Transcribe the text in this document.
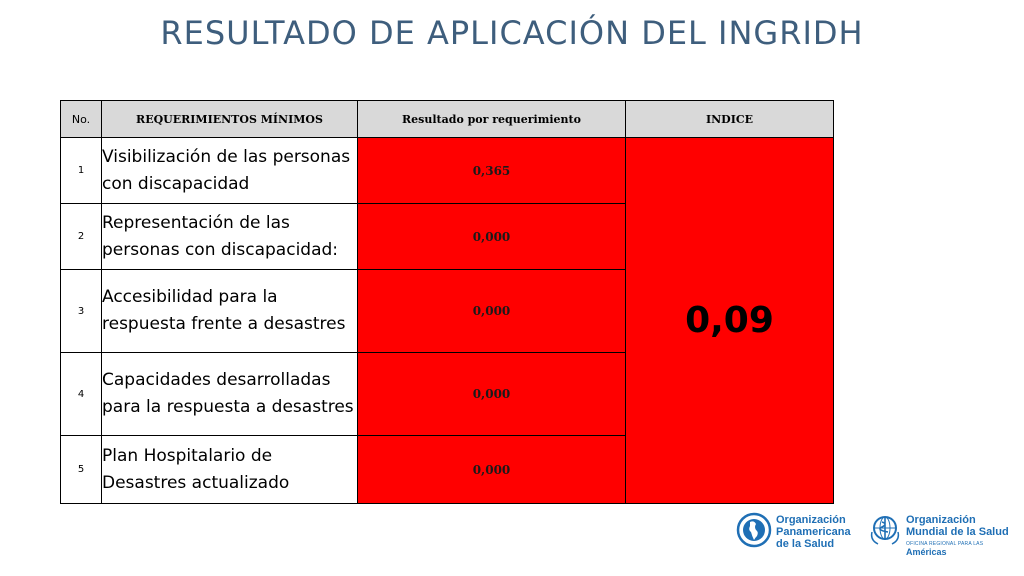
RESULTADO DE APLICACIÓN DEL INGRIDH
No.	REQUERIMIENTOS MÍNIMOS	Resultado por requerimiento	INDICE
1	Visibilización de las personas con discapacidad	0,365	0,09
2	Representación de las personas con discapacidad:	0,000	
3	Accesibilidad para la respuesta frente a desastres	0,000	
4	Capacidades desarrolladas para la respuesta a desastres	0,000	
5	Plan Hospitalario de Desastres actualizado	0,000	
Organización
Panamericana
de la Salud
Organización
Mundial de la Salud
OFICINA REGIONAL PARA LAS Américas
